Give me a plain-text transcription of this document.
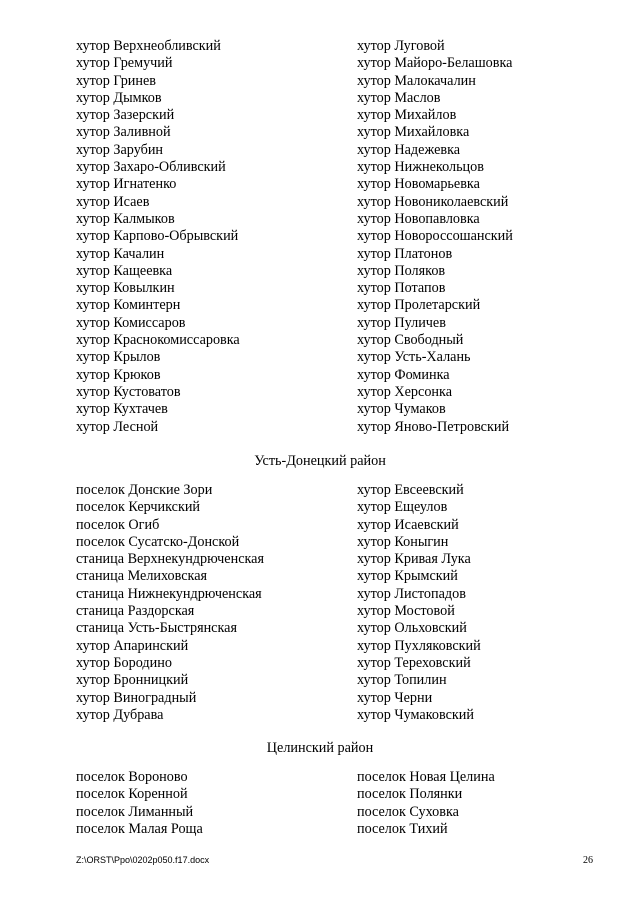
хутор Верхнеобливский
хутор Гремучий
хутор Гринев
хутор Дымков
хутор Зазерский
хутор Заливной
хутор Зарубин
хутор Захаро-Обливский
хутор Игнатенко
хутор Исаев
хутор Калмыков
хутор Карпово-Обрывский
хутор Качалин
хутор Кащеевка
хутор Ковылкин
хутор Коминтерн
хутор Комиссаров
хутор Краснокомиссаровка
хутор Крылов
хутор Крюков
хутор Кустоватов
хутор Кухтачев
хутор Лесной
хутор Луговой
хутор Майоро-Белашовка
хутор Малокачалин
хутор Маслов
хутор Михайлов
хутор Михайловка
хутор Надежевка
хутор Нижнекольцов
хутор Новомарьевка
хутор Новониколаевский
хутор Новопавловка
хутор Новороссошанский
хутор Платонов
хутор Поляков
хутор Потапов
хутор Пролетарский
хутор Пуличев
хутор Свободный
хутор Усть-Халань
хутор Фоминка
хутор Херсонка
хутор Чумаков
хутор Яново-Петровский
Усть-Донецкий район
поселок Донские Зори
поселок Керчикский
поселок Огиб
поселок Сусатско-Донской
станица Верхнекундрюченская
станица Мелиховская
станица Нижнекундрюченская
станица Раздорская
станица Усть-Быстрянская
хутор Апаринский
хутор Бородино
хутор Бронницкий
хутор Виноградный
хутор Дубрава
хутор Евсеевский
хутор Ещеулов
хутор Исаевский
хутор Коныгин
хутор Кривая Лука
хутор Крымский
хутор Листопадов
хутор Мостовой
хутор Ольховский
хутор Пухляковский
хутор Тереховский
хутор Топилин
хутор Черни
хутор Чумаковский
Целинский район
поселок Вороново
поселок Коренной
поселок Лиманный
поселок Малая Роща
поселок Новая Целина
поселок Полянки
поселок Суховка
поселок Тихий
Z:\ORST\Ppo\0202p050.f17.docx	26
